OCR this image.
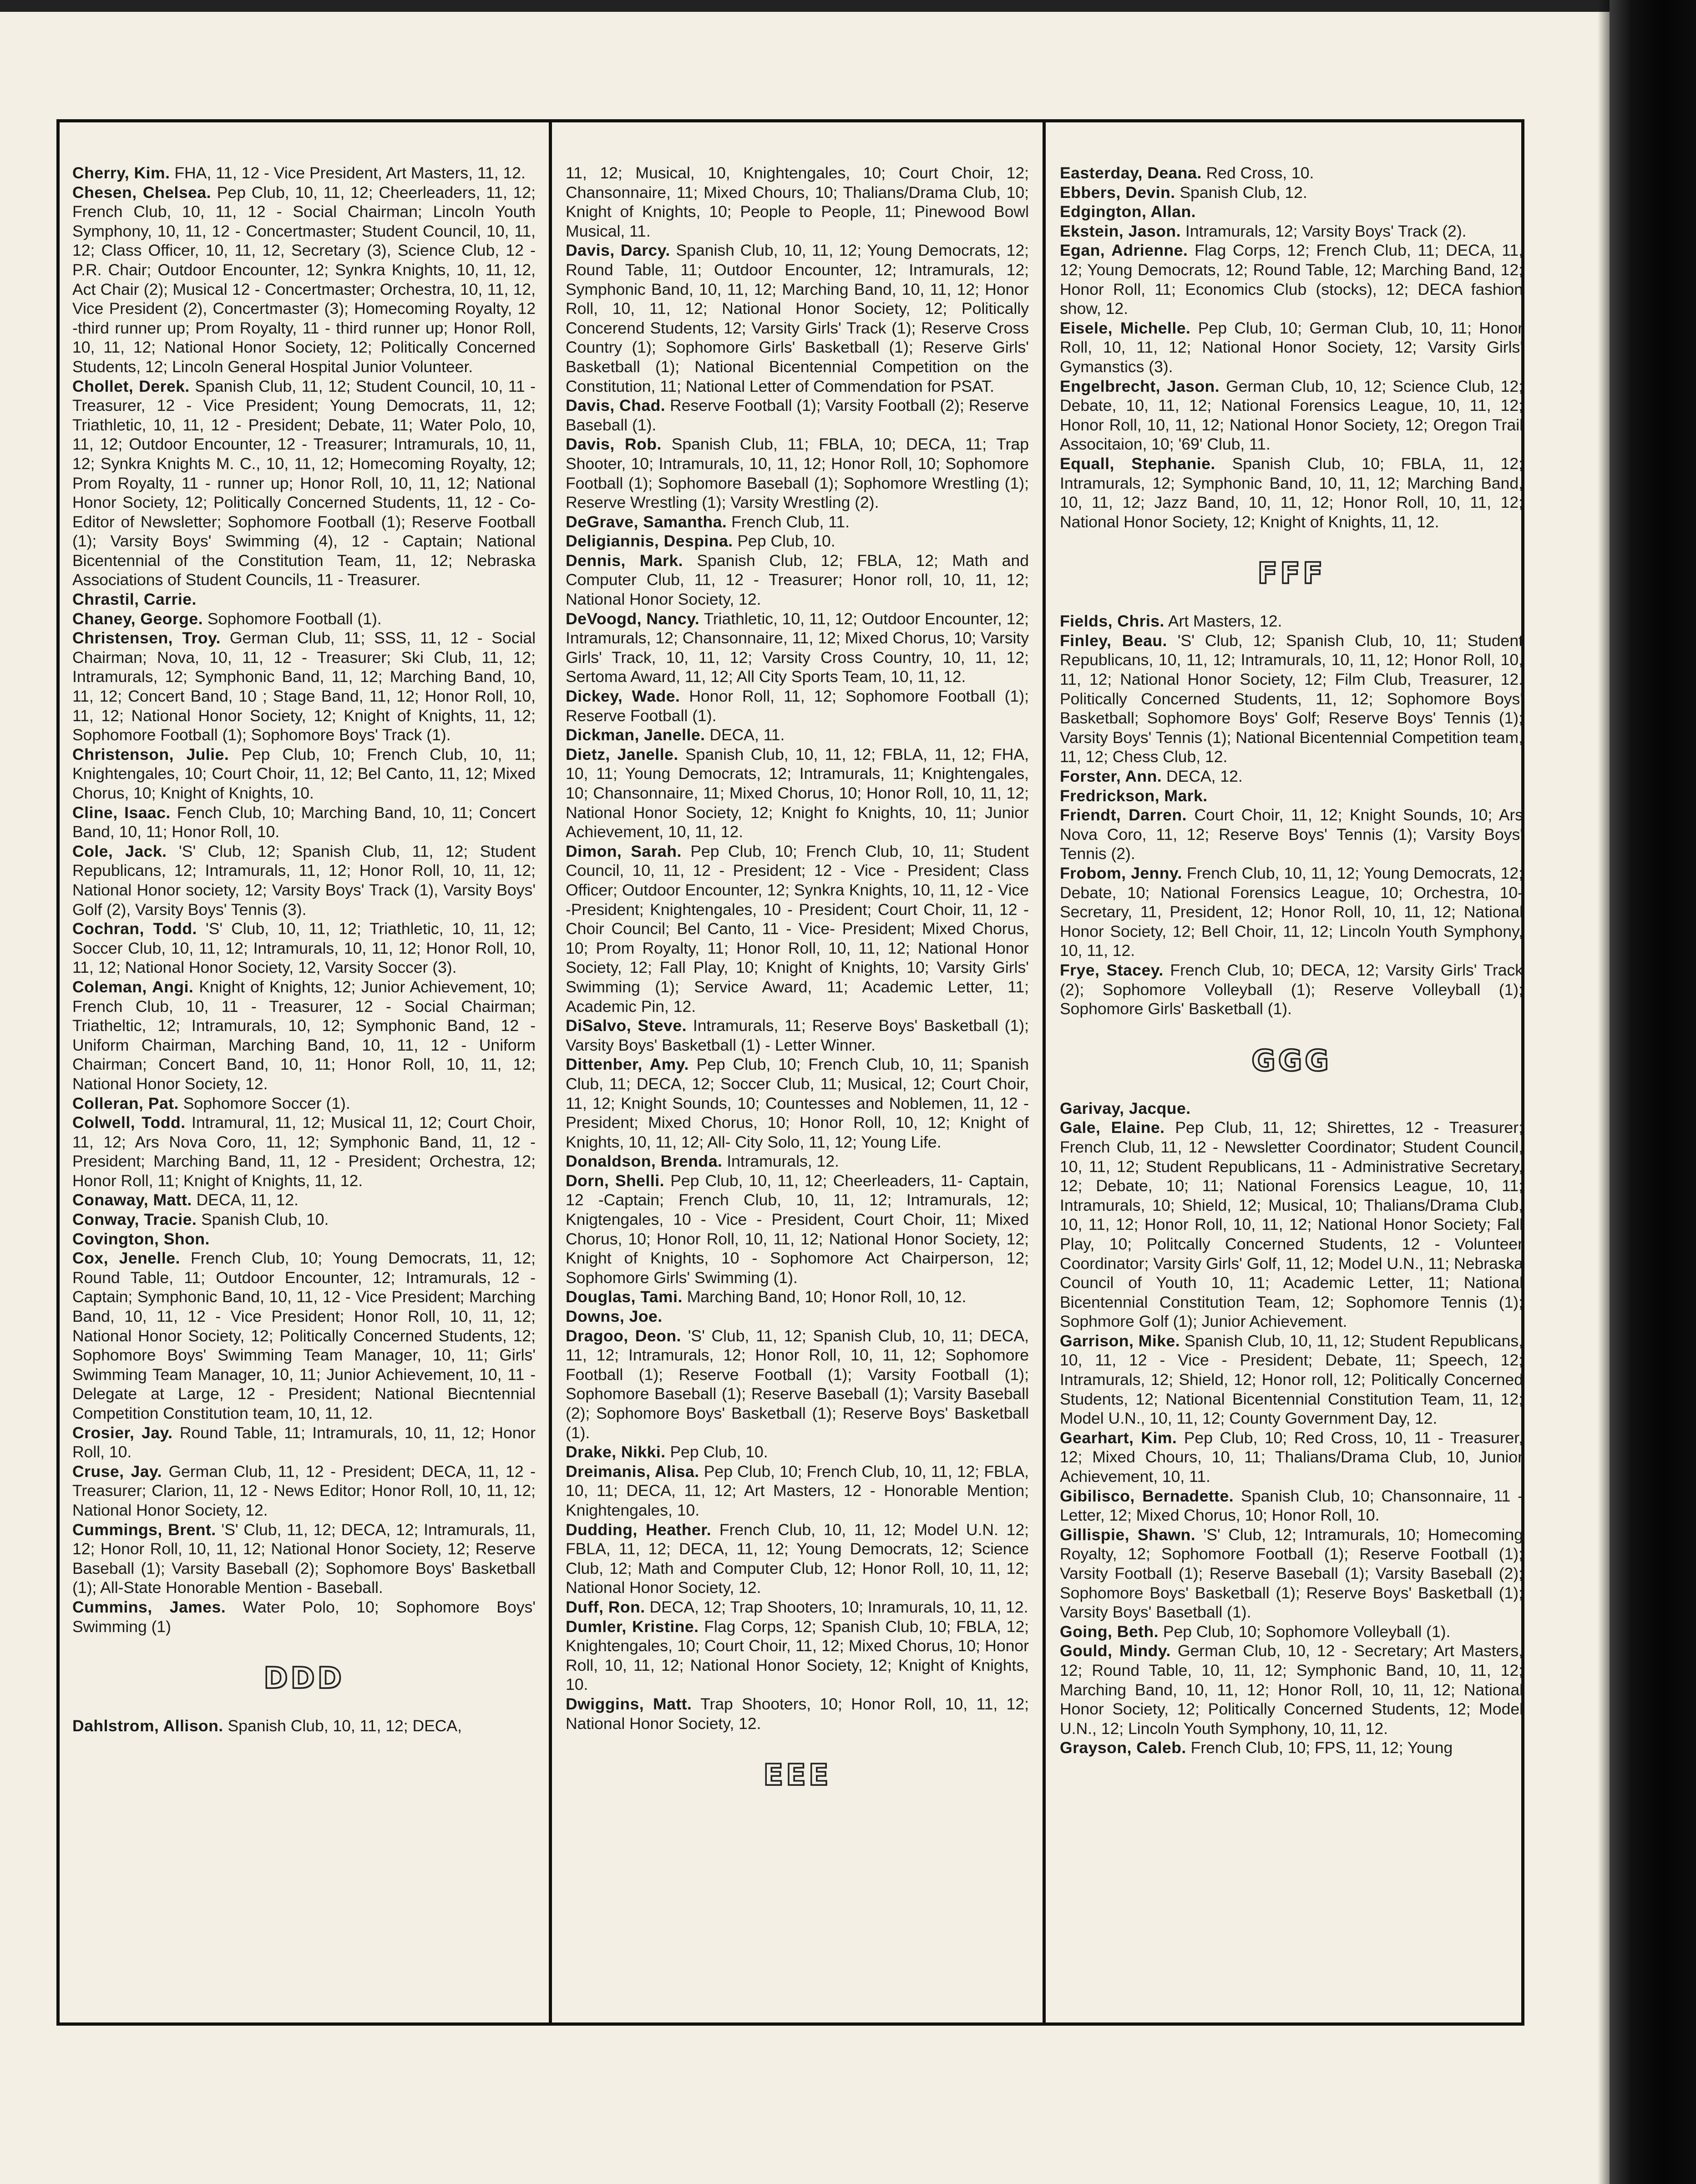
Cherry, Kim. FHA, 11, 12 - Vice President, Art Masters, 11, 12.

Chesen, Chelsea. Pep Club, 10, 11, 12; Cheerleaders, 11, 12; French Club, 10, 11, 12 - Social Chairman; Lincoln Youth Symphony, 10, 11, 12 - Concertmaster; Student Council, 10, 11, 12; Class Officer, 10, 11, 12, Secretary (3), Science Club, 12 - P.R. Chair; Outdoor Encounter, 12; Synkra Knights, 10, 11, 12, Act Chair (2); Musical 12 - Concertmaster; Orchestra, 10, 11, 12, Vice President (2), Concertmaster (3); Homecoming Royalty, 12 -third runner up; Prom Royalty, 11 - third runner up; Honor Roll, 10, 11, 12; National Honor Society, 12; Politically Concerned Students, 12; Lincoln General Hospital Junior Volunteer.

Chollet, Derek. Spanish Club, 11, 12; Student Council, 10, 11 - Treasurer, 12 - Vice President; Young Democrats, 11, 12; Triathletic, 10, 11, 12 - President; Debate, 11; Water Polo, 10, 11, 12; Outdoor Encounter, 12 - Treasurer; Intramurals, 10, 11, 12; Synkra Knights M. C., 10, 11, 12; Homecoming Royalty, 12; Prom Royalty, 11 - runner up; Honor Roll, 10, 11, 12; National Honor Society, 12; Politically Concerned Students, 11, 12 - Co-Editor of Newsletter; Sophomore Football (1); Reserve Football (1); Varsity Boys' Swimming (4), 12 - Captain; National Bicentennial of the Constitution Team, 11, 12; Nebraska Associations of Student Councils, 11 - Treasurer.

Chrastil, Carrie.

Chaney, George. Sophomore Football (1).

Christensen, Troy. German Club, 11; SSS, 11, 12 - Social Chairman; Nova, 10, 11, 12 - Treasurer; Ski Club, 11, 12; Intramurals, 12; Symphonic Band, 11, 12; Marching Band, 10, 11, 12; Concert Band, 10 ; Stage Band, 11, 12; Honor Roll, 10, 11, 12; National Honor Society, 12; Knight of Knights, 11, 12; Sophomore Football (1); Sophomore Boys' Track (1).

Christenson, Julie. Pep Club, 10; French Club, 10, 11; Knightengales, 10; Court Choir, 11, 12; Bel Canto, 11, 12; Mixed Chorus, 10; Knight of Knights, 10.

Cline, Isaac. Fench Club, 10; Marching Band, 10, 11; Concert Band, 10, 11; Honor Roll, 10.

Cole, Jack. 'S' Club, 12; Spanish Club, 11, 12; Student Republicans, 12; Intramurals, 11, 12; Honor Roll, 10, 11, 12; National Honor society, 12; Varsity Boys' Track (1), Varsity Boys' Golf (2), Varsity Boys' Tennis (3).

Cochran, Todd. 'S' Club, 10, 11, 12; Triathletic, 10, 11, 12; Soccer Club, 10, 11, 12; Intramurals, 10, 11, 12; Honor Roll, 10, 11, 12; National Honor Society, 12, Varsity Soccer (3).

Coleman, Angi. Knight of Knights, 12; Junior Achievement, 10; French Club, 10, 11 - Treasurer, 12 - Social Chairman; Triatheltic, 12; Intramurals, 10, 12; Symphonic Band, 12 - Uniform Chairman, Marching Band, 10, 11, 12 - Uniform Chairman; Concert Band, 10, 11; Honor Roll, 10, 11, 12; National Honor Society, 12.

Colleran, Pat. Sophomore Soccer (1).

Colwell, Todd. Intramural, 11, 12; Musical 11, 12; Court Choir, 11, 12; Ars Nova Coro, 11, 12; Symphonic Band, 11, 12 - President; Marching Band, 11, 12 - President; Orchestra, 12; Honor Roll, 11; Knight of Knights, 11, 12.

Conaway, Matt. DECA, 11, 12.

Conway, Tracie. Spanish Club, 10.

Covington, Shon.

Cox, Jenelle. French Club, 10; Young Democrats, 11, 12; Round Table, 11; Outdoor Encounter, 12; Intramurals, 12 - Captain; Symphonic Band, 10, 11, 12 - Vice President; Marching Band, 10, 11, 12 - Vice President; Honor Roll, 10, 11, 12; National Honor Society, 12; Politically Concerned Students, 12; Sophomore Boys' Swimming Team Manager, 10, 11; Girls' Swimming Team Manager, 10, 11; Junior Achievement, 10, 11 - Delegate at Large, 12 - President; National Biecntennial Competition Constitution team, 10, 11, 12.

Crosier, Jay. Round Table, 11; Intramurals, 10, 11, 12; Honor Roll, 10.

Cruse, Jay. German Club, 11, 12 - President; DECA, 11, 12 - Treasurer; Clarion, 11, 12 - News Editor; Honor Roll, 10, 11, 12; National Honor Society, 12.

Cummings, Brent. 'S' Club, 11, 12; DECA, 12; Intramurals, 11, 12; Honor Roll, 10, 11, 12; National Honor Society, 12; Reserve Baseball (1); Varsity Baseball (2); Sophomore Boys' Basketball (1); All-State Honorable Mention - Baseball.

Cummins, James. Water Polo, 10; Sophomore Boys' Swimming (1)

DDD

Dahlstrom, Allison. Spanish Club, 10, 11, 12; DECA,

11, 12; Musical, 10, Knightengales, 10; Court Choir, 12; Chansonnaire, 11; Mixed Chours, 10; Thalians/Drama Club, 10; Knight of Knights, 10; People to People, 11; Pinewood Bowl Musical, 11.

Davis, Darcy. Spanish Club, 10, 11, 12; Young Democrats, 12; Round Table, 11; Outdoor Encounter, 12; Intramurals, 12; Symphonic Band, 10, 11, 12; Marching Band, 10, 11, 12; Honor Roll, 10, 11, 12; National Honor Society, 12; Politically Concerend Students, 12; Varsity Girls' Track (1); Reserve Cross Country (1); Sophomore Girls' Basketball (1); Reserve Girls' Basketball (1); National Bicentennial Competition on the Constitution, 11; National Letter of Commendation for PSAT.

Davis, Chad. Reserve Football (1); Varsity Football (2); Reserve Baseball (1).

Davis, Rob. Spanish Club, 11; FBLA, 10; DECA, 11; Trap Shooter, 10; Intramurals, 10, 11, 12; Honor Roll, 10; Sophomore Football (1); Sophomore Baseball (1); Sophomore Wrestling (1); Reserve Wrestling (1); Varsity Wrestling (2).

DeGrave, Samantha. French Club, 11.

Deligiannis, Despina. Pep Club, 10.

Dennis, Mark. Spanish Club, 12; FBLA, 12; Math and Computer Club, 11, 12 - Treasurer; Honor roll, 10, 11, 12; National Honor Society, 12.

DeVoogd, Nancy. Triathletic, 10, 11, 12; Outdoor Encounter, 12; Intramurals, 12; Chansonnaire, 11, 12; Mixed Chorus, 10; Varsity Girls' Track, 10, 11, 12; Varsity Cross Country, 10, 11, 12; Sertoma Award, 11, 12; All City Sports Team, 10, 11, 12.

Dickey, Wade. Honor Roll, 11, 12; Sophomore Football (1); Reserve Football (1).

Dickman, Janelle. DECA, 11.

Dietz, Janelle. Spanish Club, 10, 11, 12; FBLA, 11, 12; FHA, 10, 11; Young Democrats, 12; Intramurals, 11; Knightengales, 10; Chansonnaire, 11; Mixed Chorus, 10; Honor Roll, 10, 11, 12; National Honor Society, 12; Knight fo Knights, 10, 11; Junior Achievement, 10, 11, 12.

Dimon, Sarah. Pep Club, 10; French Club, 10, 11; Student Council, 10, 11, 12 - President; 12 - Vice - President; Class Officer; Outdoor Encounter, 12; Synkra Knights, 10, 11, 12 - Vice -President; Knightengales, 10 - President; Court Choir, 11, 12 - Choir Council; Bel Canto, 11 - Vice- President; Mixed Chorus, 10; Prom Royalty, 11; Honor Roll, 10, 11, 12; National Honor Society, 12; Fall Play, 10; Knight of Knights, 10; Varsity Girls' Swimming (1); Service Award, 11; Academic Letter, 11; Academic Pin, 12.

DiSalvo, Steve. Intramurals, 11; Reserve Boys' Basketball (1); Varsity Boys' Basketball (1) - Letter Winner.

Dittenber, Amy. Pep Club, 10; French Club, 10, 11; Spanish Club, 11; DECA, 12; Soccer Club, 11; Musical, 12; Court Choir, 11, 12; Knight Sounds, 10; Countesses and Noblemen, 11, 12 - President; Mixed Chorus, 10; Honor Roll, 10, 12; Knight of Knights, 10, 11, 12; All- City Solo, 11, 12; Young Life.

Donaldson, Brenda. Intramurals, 12.

Dorn, Shelli. Pep Club, 10, 11, 12; Cheerleaders, 11- Captain, 12 -Captain; French Club, 10, 11, 12; Intramurals, 12; Knigtengales, 10 - Vice - President, Court Choir, 11; Mixed Chorus, 10; Honor Roll, 10, 11, 12; National Honor Society, 12; Knight of Knights, 10 - Sophomore Act Chairperson, 12; Sophomore Girls' Swimming (1).

Douglas, Tami. Marching Band, 10; Honor Roll, 10, 12.

Downs, Joe.

Dragoo, Deon. 'S' Club, 11, 12; Spanish Club, 10, 11; DECA, 11, 12; Intramurals, 12; Honor Roll, 10, 11, 12; Sophomore Football (1); Reserve Football (1); Varsity Football (1); Sophomore Baseball (1); Reserve Baseball (1); Varsity Baseball (2); Sophomore Boys' Basketball (1); Reserve Boys' Basketball (1).

Drake, Nikki. Pep Club, 10.

Dreimanis, Alisa. Pep Club, 10; French Club, 10, 11, 12; FBLA, 10, 11; DECA, 11, 12; Art Masters, 12 - Honorable Mention; Knightengales, 10.

Dudding, Heather. French Club, 10, 11, 12; Model U.N. 12; FBLA, 11, 12; DECA, 11, 12; Young Democrats, 12; Science Club, 12; Math and Computer Club, 12; Honor Roll, 10, 11, 12; National Honor Society, 12.

Duff, Ron. DECA, 12; Trap Shooters, 10; Inramurals, 10, 11, 12.

Dumler, Kristine. Flag Corps, 12; Spanish Club, 10; FBLA, 12; Knightengales, 10; Court Choir, 11, 12; Mixed Chorus, 10; Honor Roll, 10, 11, 12; National Honor Society, 12; Knight of Knights, 10.

Dwiggins, Matt. Trap Shooters, 10; Honor Roll, 10, 11, 12; National Honor Society, 12.

EEE

Easterday, Deana. Red Cross, 10.

Ebbers, Devin. Spanish Club, 12.

Edgington, Allan.

Ekstein, Jason. Intramurals, 12; Varsity Boys' Track (2).

Egan, Adrienne. Flag Corps, 12; French Club, 11; DECA, 11, 12; Young Democrats, 12; Round Table, 12; Marching Band, 12; Honor Roll, 11; Economics Club (stocks), 12; DECA fashion show, 12.

Eisele, Michelle. Pep Club, 10; German Club, 10, 11; Honor Roll, 10, 11, 12; National Honor Society, 12; Varsity Girls' Gymanstics (3).

Engelbrecht, Jason. German Club, 10, 12; Science Club, 12; Debate, 10, 11, 12; National Forensics League, 10, 11, 12; Honor Roll, 10, 11, 12; National Honor Society, 12; Oregon Trail Associtaion, 10; '69' Club, 11.

Equall, Stephanie. Spanish Club, 10; FBLA, 11, 12; Intramurals, 12; Symphonic Band, 10, 11, 12; Marching Band, 10, 11, 12; Jazz Band, 10, 11, 12; Honor Roll, 10, 11, 12; National Honor Society, 12; Knight of Knights, 11, 12.

FFF

Fields, Chris. Art Masters, 12.

Finley, Beau. 'S' Club, 12; Spanish Club, 10, 11; Student Republicans, 10, 11, 12; Intramurals, 10, 11, 12; Honor Roll, 10, 11, 12; National Honor Society, 12; Film Club, Treasurer, 12. Politically Concerned Students, 11, 12; Sophomore Boys' Basketball; Sophomore Boys' Golf; Reserve Boys' Tennis (1); Varsity Boys' Tennis (1); National Bicentennial Competition team, 11, 12; Chess Club, 12.

Forster, Ann. DECA, 12.

Fredrickson, Mark.

Friendt, Darren. Court Choir, 11, 12; Knight Sounds, 10; Ars Nova Coro, 11, 12; Reserve Boys' Tennis (1); Varsity Boys' Tennis (2).

Frobom, Jenny. French Club, 10, 11, 12; Young Democrats, 12; Debate, 10; National Forensics League, 10; Orchestra, 10-Secretary, 11, President, 12; Honor Roll, 10, 11, 12; National Honor Society, 12; Bell Choir, 11, 12; Lincoln Youth Symphony, 10, 11, 12.

Frye, Stacey. French Club, 10; DECA, 12; Varsity Girls' Track (2); Sophomore Volleyball (1); Reserve Volleyball (1); Sophomore Girls' Basketball (1).

GGG

Garivay, Jacque.

Gale, Elaine. Pep Club, 11, 12; Shirettes, 12 - Treasurer; French Club, 11, 12 - Newsletter Coordinator; Student Council, 10, 11, 12; Student Republicans, 11 - Administrative Secretary, 12; Debate, 10; 11; National Forensics League, 10, 11; Intramurals, 10; Shield, 12; Musical, 10; Thalians/Drama Club, 10, 11, 12; Honor Roll, 10, 11, 12; National Honor Society; Fall Play, 10; Politcally Concerned Students, 12 - Volunteer Coordinator; Varsity Girls' Golf, 11, 12; Model U.N., 11; Nebraska Council of Youth 10, 11; Academic Letter, 11; National Bicentennial Constitution Team, 12; Sophomore Tennis (1); Sophmore Golf (1); Junior Achievement.

Garrison, Mike. Spanish Club, 10, 11, 12; Student Republicans, 10, 11, 12 - Vice - President; Debate, 11; Speech, 12; Intramurals, 12; Shield, 12; Honor roll, 12; Politically Concerned Students, 12; National Bicentennial Constitution Team, 11, 12; Model U.N., 10, 11, 12; County Government Day, 12.

Gearhart, Kim. Pep Club, 10; Red Cross, 10, 11 - Treasurer, 12; Mixed Chours, 10, 11; Thalians/Drama Club, 10, Junior Achievement, 10, 11.

Gibilisco, Bernadette. Spanish Club, 10; Chansonnaire, 11 - Letter, 12; Mixed Chorus, 10; Honor Roll, 10.

Gillispie, Shawn. 'S' Club, 12; Intramurals, 10; Homecoming Royalty, 12; Sophomore Football (1); Reserve Football (1); Varsity Football (1); Reserve Baseball (1); Varsity Baseball (2); Sophomore Boys' Basketball (1); Reserve Boys' Basketball (1); Varsity Boys' Basetball (1).

Going, Beth. Pep Club, 10; Sophomore Volleyball (1).

Gould, Mindy. German Club, 10, 12 - Secretary; Art Masters, 12; Round Table, 10, 11, 12; Symphonic Band, 10, 11, 12; Marching Band, 10, 11, 12; Honor Roll, 10, 11, 12; National Honor Society, 12; Politically Concerned Students, 12; Model U.N., 12; Lincoln Youth Symphony, 10, 11, 12.

Grayson, Caleb. French Club, 10; FPS, 11, 12; Young
